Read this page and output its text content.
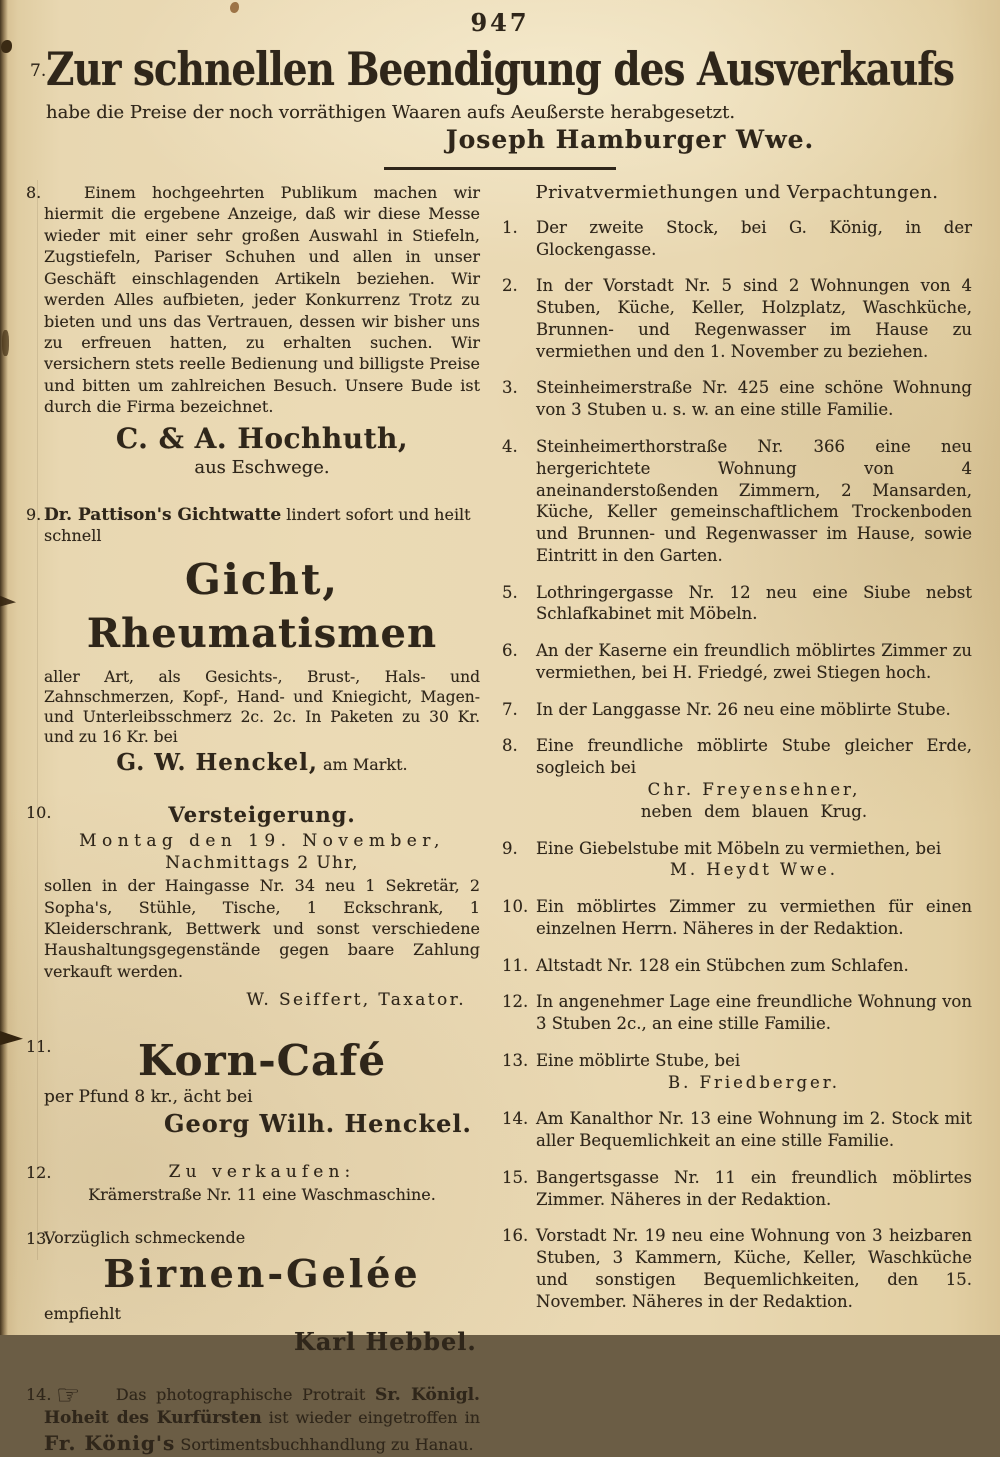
947
7. Zur schnellen Beendigung des Ausverkaufs
habe die Preise der noch vorräthigen Waaren aufs Aeußerste herabgesetzt.
Joseph Hamburger Wwe.
8.	Einem hochgeehrten Publikum machen wir hiermit die ergebene Anzeige, daß wir diese Messe wieder mit einer sehr großen Auswahl in Stiefeln, Zugstiefeln, Pariser Schuhen und allen in unser Geschäft einschlagenden Artikeln beziehen. Wir werden Alles aufbieten, jeder Konkurrenz Trotz zu bieten und uns das Vertrauen, dessen wir bisher uns zu erfreuen hatten, zu erhalten suchen. Wir versichern stets reelle Bedienung und billigste Preise und bitten um zahlreichen Besuch. Unsere Bude ist durch die Firma bezeichnet.
C. & A. Hochhuth,
aus Eschwege.
9. Dr. Pattison's Gichtwatte lindert sofort und heilt schnell
Gicht,
Rheumatismen
aller Art, als Gesichts-, Brust-, Hals- und Zahnschmerzen, Kopf-, Hand- und Kniegicht, Magen- und Unterleibsschmerz 2c. 2c. In Paketen zu 30 Kr. und zu 16 Kr. bei
G. W. Henckel, am Markt.
10.	Versteigerung.
Montag den 19. November,
Nachmittags 2 Uhr,
sollen in der Haingasse Nr. 34 neu 1 Sekretär, 2 Sopha's, Stühle, Tische, 1 Eckschrank, 1 Kleiderschrank, Bettwerk und sonst verschiedene Haushaltungsgegenstände gegen baare Zahlung verkauft werden.
W. Seiffert, Taxator.
11.	Korn-Café
per Pfund 8 kr., ächt bei
Georg Wilh. Henckel.
12.	Zu verkaufen:
Krämerstraße Nr. 11 eine Waschmaschine.
13.
Vorzüglich schmeckende
Birnen-Gelée
empfiehlt
Karl Hebbel.
14. ☞ Das photographische Protrait Sr. Königl. Hoheit des Kurfürsten ist wieder eingetroffen in Fr. König's Sortimentsbuchhandlung zu Hanau.
Privatvermiethungen und Verpachtungen.
1. Der zweite Stock, bei G. König, in der Glockengasse.
2. In der Vorstadt Nr. 5 sind 2 Wohnungen von 4 Stuben, Küche, Keller, Holzplatz, Waschküche, Brunnen- und Regenwasser im Hause zu vermiethen und den 1. November zu beziehen.
3. Steinheimerstraße Nr. 425 eine schöne Wohnung von 3 Stuben u. s. w. an eine stille Familie.
4. Steinheimerthorstraße Nr. 366 eine neu hergerichtete Wohnung von 4 aneinanderstoßenden Zimmern, 2 Mansarden, Küche, Keller gemeinschaftlichem Trockenboden und Brunnen- und Regenwasser im Hause, sowie Eintritt in den Garten.
5. Lothringergasse Nr. 12 neu eine Siube nebst Schlafkabinet mit Möbeln.
6. An der Kaserne ein freundlich möblirtes Zimmer zu vermiethen, bei H. Friedgé, zwei Stiegen hoch.
7. In der Langgasse Nr. 26 neu eine möblirte Stube.
8. Eine freundliche möblirte Stube gleicher Erde, sogleich bei
Chr. Freyensehner,
neben dem blauen Krug.
9. Eine Giebelstube mit Möbeln zu vermiethen, bei
M. Heydt Wwe.
10. Ein möblirtes Zimmer zu vermiethen für einen einzelnen Herrn. Näheres in der Redaktion.
11. Altstadt Nr. 128 ein Stübchen zum Schlafen.
12. In angenehmer Lage eine freundliche Wohnung von 3 Stuben 2c., an eine stille Familie.
13. Eine möblirte Stube, bei
B. Friedberger.
14. Am Kanalthor Nr. 13 eine Wohnung im 2. Stock mit aller Bequemlichkeit an eine stille Familie.
15. Bangertsgasse Nr. 11 ein freundlich möblirtes Zimmer. Näheres in der Redaktion.
16. Vorstadt Nr. 19 neu eine Wohnung von 3 heizbaren Stuben, 3 Kammern, Küche, Keller, Waschküche und sonstigen Bequemlichkeiten, den 15. November. Näheres in der Redaktion.
